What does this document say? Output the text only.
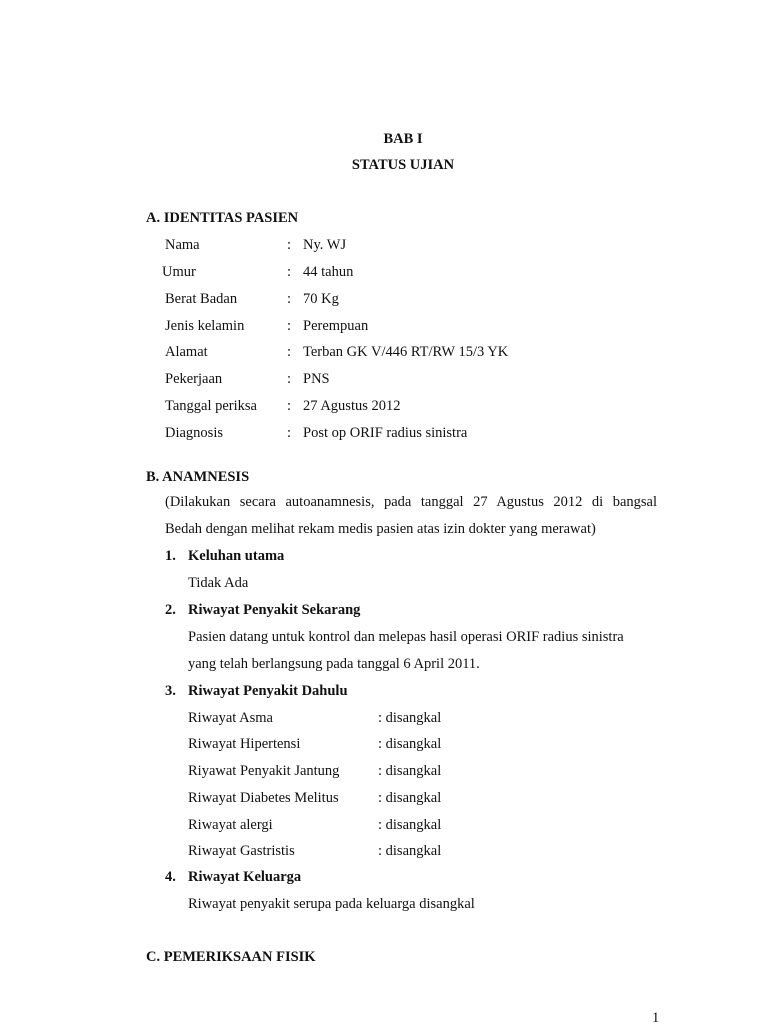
BAB I
STATUS UJIAN
A. IDENTITAS PASIEN
Nama	: Ny. WJ
Umur	: 44 tahun
Berat Badan	: 70 Kg
Jenis kelamin	: Perempuan
Alamat	: Terban GK V/446 RT/RW 15/3 YK
Pekerjaan	: PNS
Tanggal periksa : 27 Agustus 2012
Diagnosis	: Post op ORIF radius sinistra
B. ANAMNESIS
(Dilakukan secara autoanamnesis, pada tanggal 27 Agustus 2012 di bangsal
Bedah dengan melihat rekam medis pasien atas izin dokter yang merawat)
1. Keluhan utama
Tidak Ada
2. Riwayat Penyakit Sekarang
Pasien datang untuk kontrol dan melepas hasil operasi ORIF radius sinistra
yang telah berlangsung pada tanggal 6 April 2011.
3. Riwayat Penyakit Dahulu
Riwayat Asma	: disangkal
Riwayat Hipertensi	: disangkal
Riyawat Penyakit Jantung	: disangkal
Riwayat Diabetes Melitus	: disangkal
Riwayat alergi	: disangkal
Riwayat Gastristis	: disangkal
4. Riwayat Keluarga
Riwayat penyakit serupa pada keluarga disangkal
C. PEMERIKSAAN FISIK
1
